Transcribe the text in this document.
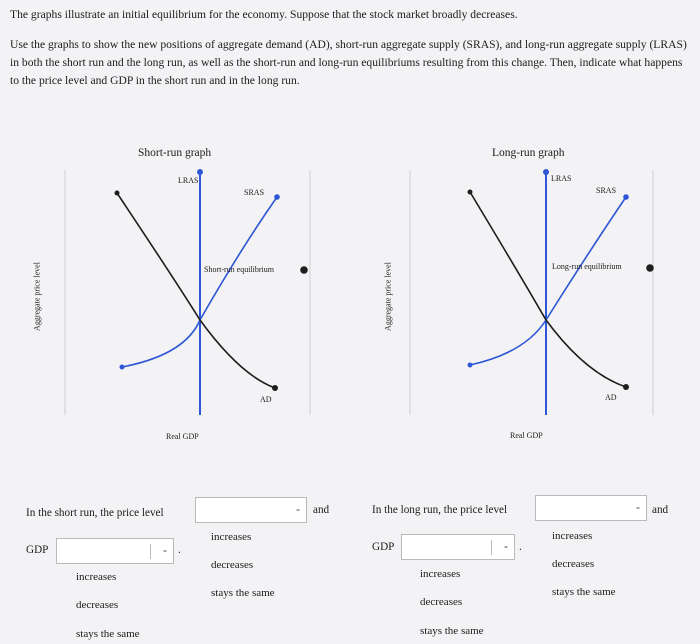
The graphs illustrate an initial equilibrium for the economy. Suppose that the stock market broadly decreases.

Use the graphs to show the new positions of aggregate demand (AD), short-run aggregate supply (SRAS), and long-run aggregate supply (LRAS) in both the short run and the long run, as well as the short-run and long-run equilibriums resulting from this change. Then, indicate what happens to the price level and GDP in the short run and in the long run.

Short-run graph
LRAS
SRAS
Short-run equilibrium
AD
Real GDP
Aggregate price level
Long-run graph
LRAS
SRAS
Long-run equilibrium
AD
Real GDP
Aggregate price level
In the short run, the price level	- and
increases
decreases
stays the same
GDP	- .
increases
decreases
stays the same
In the long run, the price level	- and
increases
decreases
stays the same
GDP	- .
increases
decreases
stays the same
